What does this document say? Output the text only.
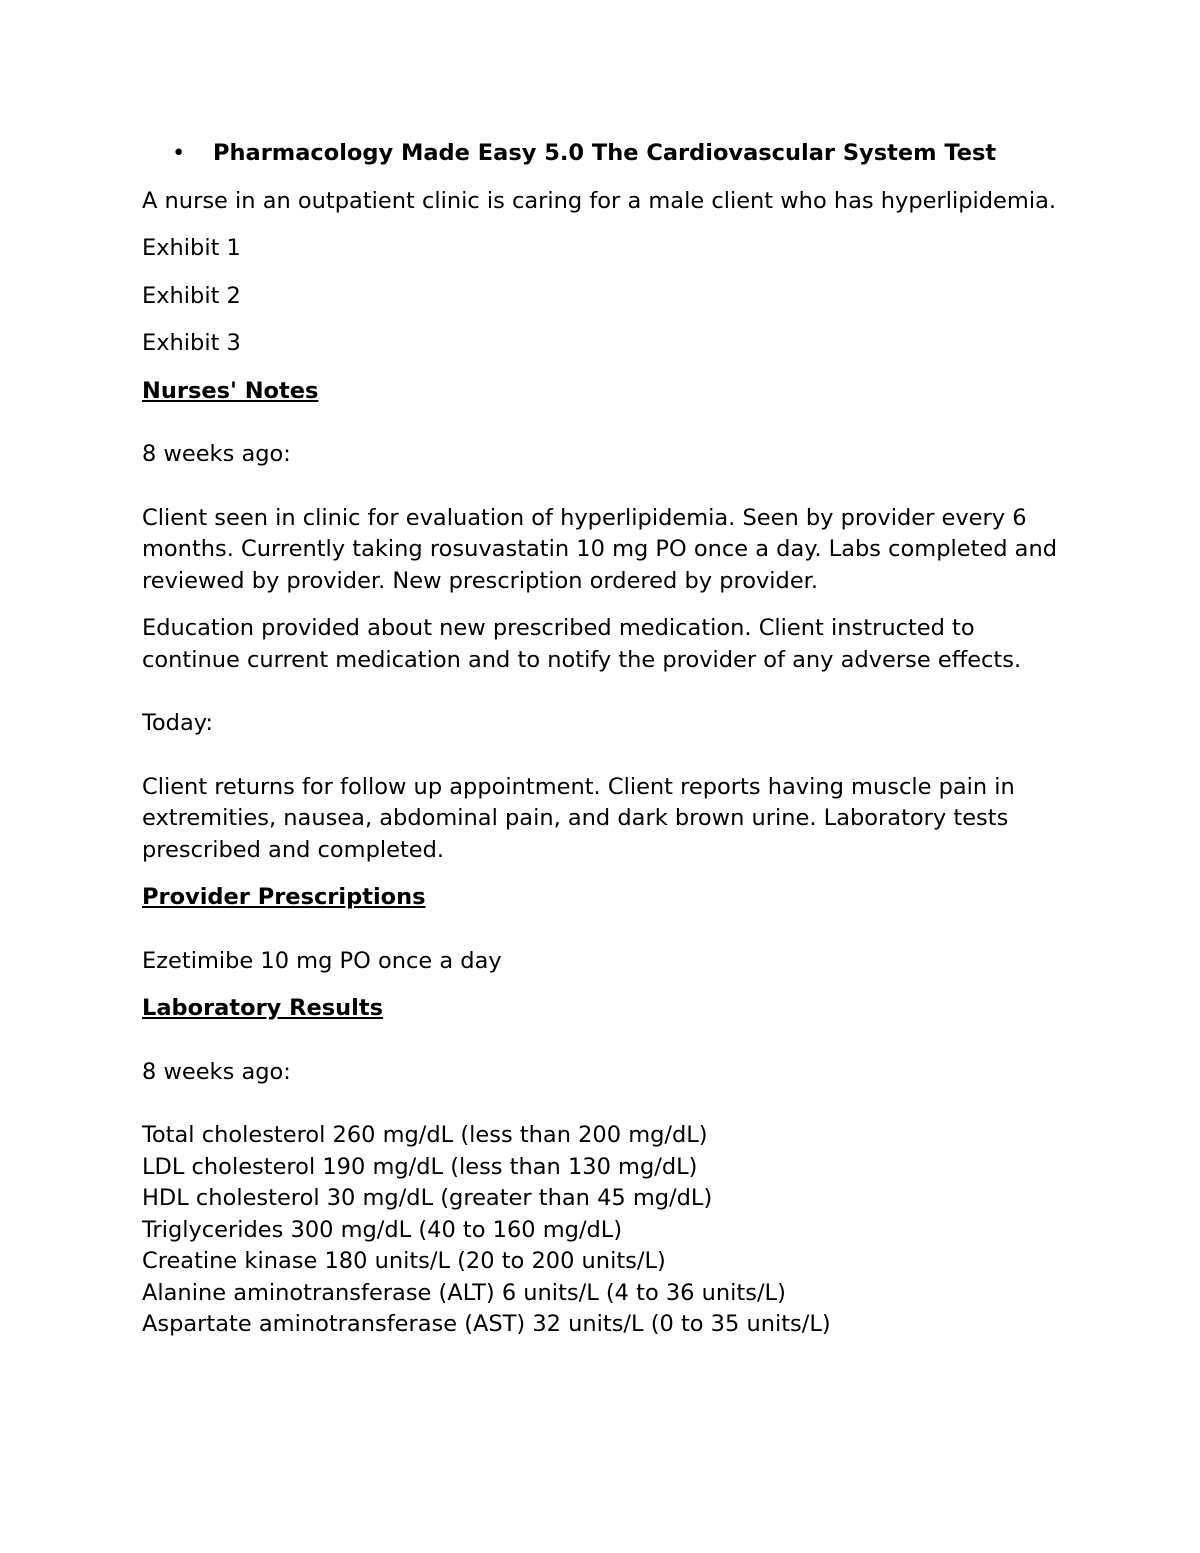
•	Pharmacology Made Easy 5.0 The Cardiovascular System Test

A nurse in an outpatient clinic is caring for a male client who has hyperlipidemia.

Exhibit 1

Exhibit 2

Exhibit 3

Nurses' Notes

8 weeks ago:

Client seen in clinic for evaluation of hyperlipidemia. Seen by provider every 6 months. Currently taking rosuvastatin 10 mg PO once a day. Labs completed and reviewed by provider. New prescription ordered by provider.

Education provided about new prescribed medication. Client instructed to continue current medication and to notify the provider of any adverse effects.

Today:

Client returns for follow up appointment. Client reports having muscle pain in extremities, nausea, abdominal pain, and dark brown urine. Laboratory tests prescribed and completed.

Provider Prescriptions

Ezetimibe 10 mg PO once a day

Laboratory Results

8 weeks ago:

Total cholesterol 260 mg/dL (less than 200 mg/dL)
LDL cholesterol 190 mg/dL (less than 130 mg/dL)
HDL cholesterol 30 mg/dL (greater than 45 mg/dL)
Triglycerides 300 mg/dL (40 to 160 mg/dL)
Creatine kinase 180 units/L (20 to 200 units/L)
Alanine aminotransferase (ALT) 6 units/L (4 to 36 units/L)
Aspartate aminotransferase (AST) 32 units/L (0 to 35 units/L)
